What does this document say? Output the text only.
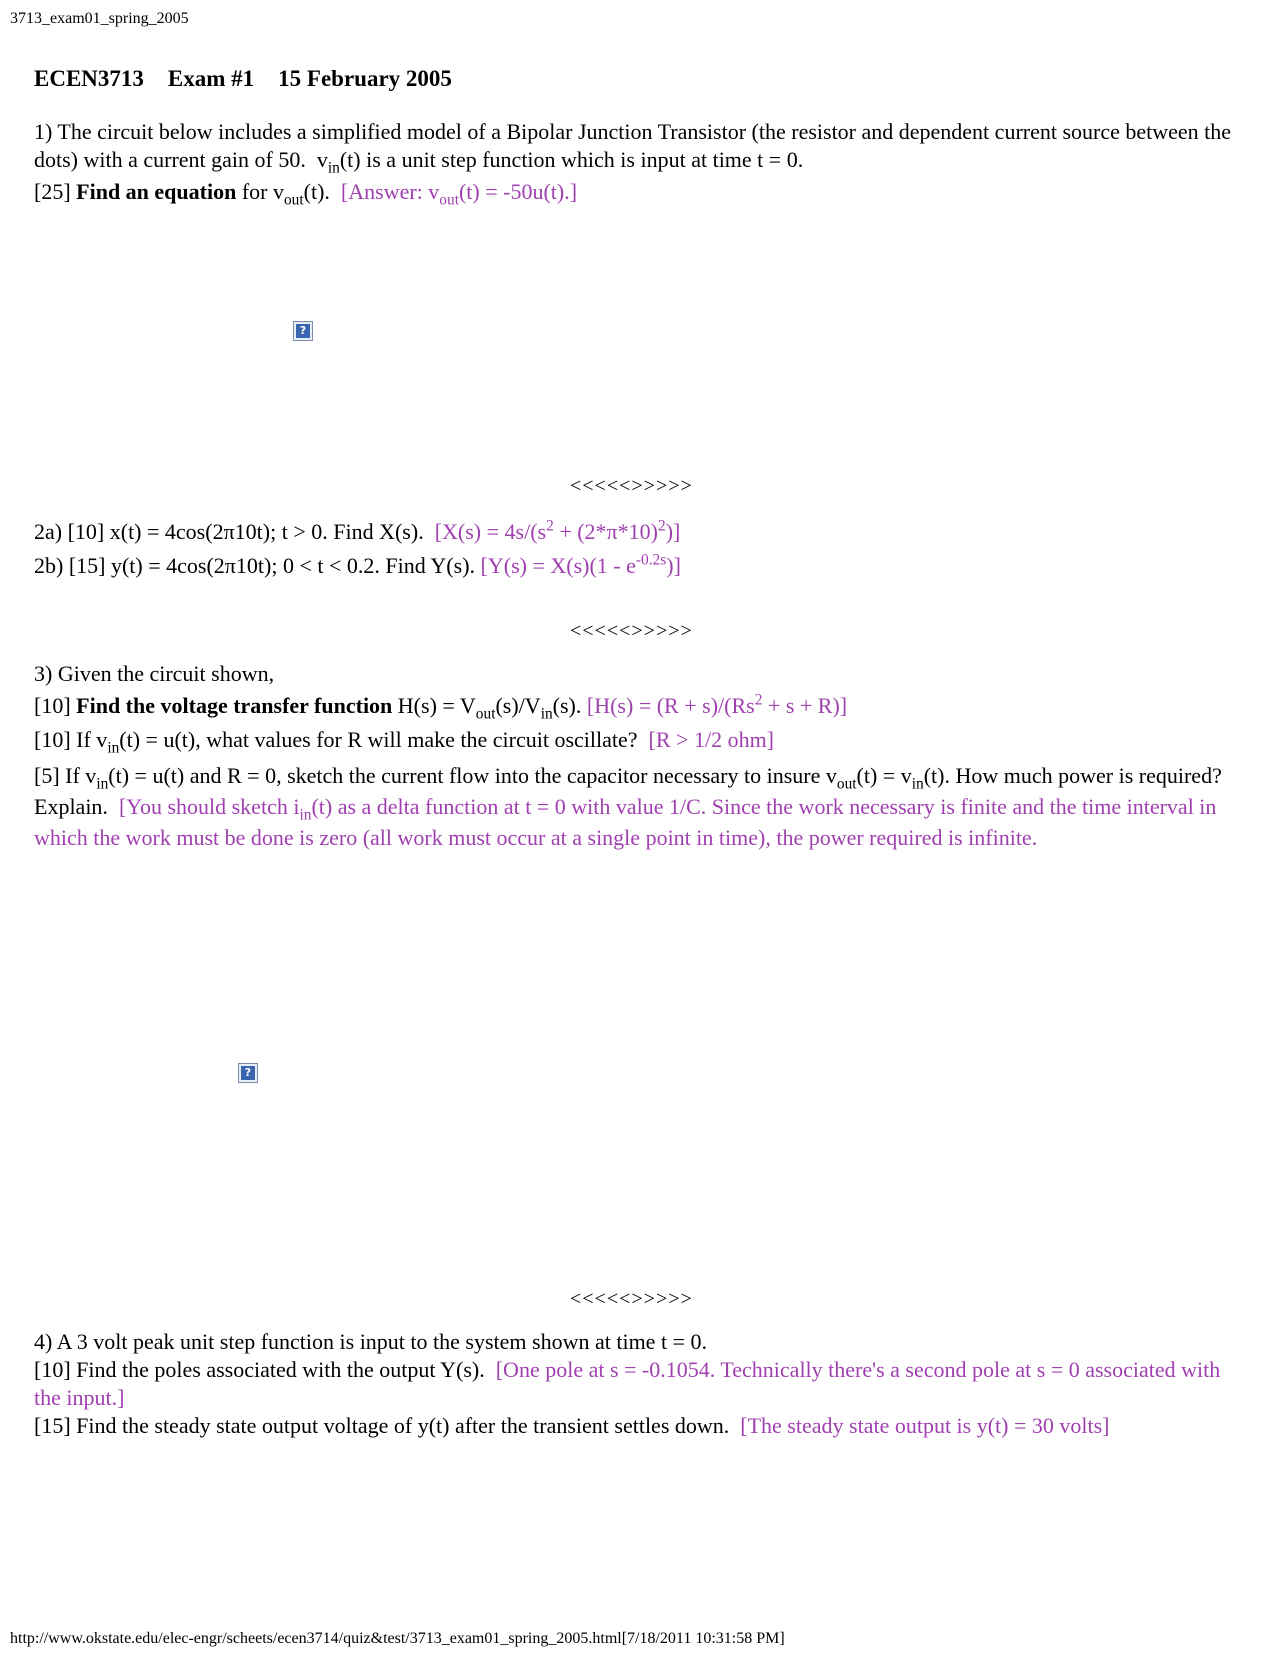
3713_exam01_spring_2005
ECEN3713 Exam #1 15 February 2005
1) The circuit below includes a simplified model of a Bipolar Junction Transistor (the resistor and dependent current source between the dots) with a current gain of 50. $v_{in}(t)$ is a unit step function which is input at time t = 0.
[25] Find an equation for $v_{out}(t)$. [Answer: $v_{out}(t) = -50u(t)$.]
?
<<<<<>>>>>
2a) [10] x(t) = 4cos(2π10t); t > 0. Find X(s). $[X(s) = 4s/(s^2 + (2*\pi*10)^2)]$
2b) [15] y(t) = 4cos(2π10t); 0 < t < 0.2. Find Y(s). $[Y(s) = X(s)(1 - e^{-0.2s})]$
<<<<<>>>>>
3) Given the circuit shown,
[10] Find the voltage transfer function $H(s) = V_{out}(s)/V_{in}(s)$. $[H(s) = (R + s)/(Rs^2 + s + R)]$
[10] If $v_{in}(t) = u(t)$, what values for R will make the circuit oscillate? [R > 1/2 ohm]
[5] If $v_{in}(t) = u(t)$ and R = 0, sketch the current flow into the capacitor necessary to insure $v_{out}(t) = v_{in}(t)$. How much power is required? Explain. [You should sketch $i_{in}(t)$ as a delta function at t = 0 with value 1/C. Since the work necessary is finite and the time interval in which the work must be done is zero (all work must occur at a single point in time), the power required is infinite.
?
<<<<<>>>>>
4) A 3 volt peak unit step function is input to the system shown at time t = 0.
[10] Find the poles associated with the output Y(s). [One pole at s = -0.1054. Technically there's a second pole at s = 0 associated with the input.]
[15] Find the steady state output voltage of y(t) after the transient settles down. [The steady state output is y(t) = 30 volts]
http://www.okstate.edu/elec-engr/scheets/ecen3714/quiz&test/3713_exam01_spring_2005.html[7/18/2011 10:31:58 PM]
